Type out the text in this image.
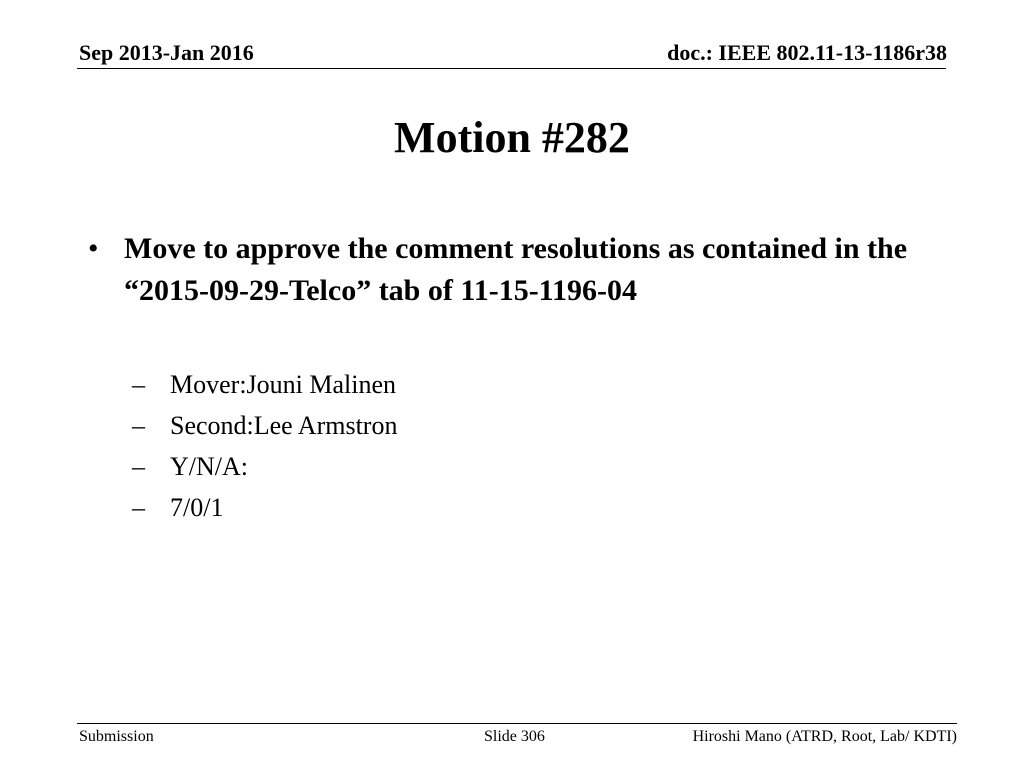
Sep 2013-Jan 2016	doc.: IEEE 802.11-13-1186r38
Motion #282
• Move to approve the comment resolutions as contained in the “2015-09-29-Telco” tab of 11-15-1196-04
– Mover:Jouni Malinen
– Second:Lee Armstron
– Y/N/A:
– 7/0/1
Submission	Slide 306	Hiroshi Mano (ATRD, Root, Lab/ KDTI)
